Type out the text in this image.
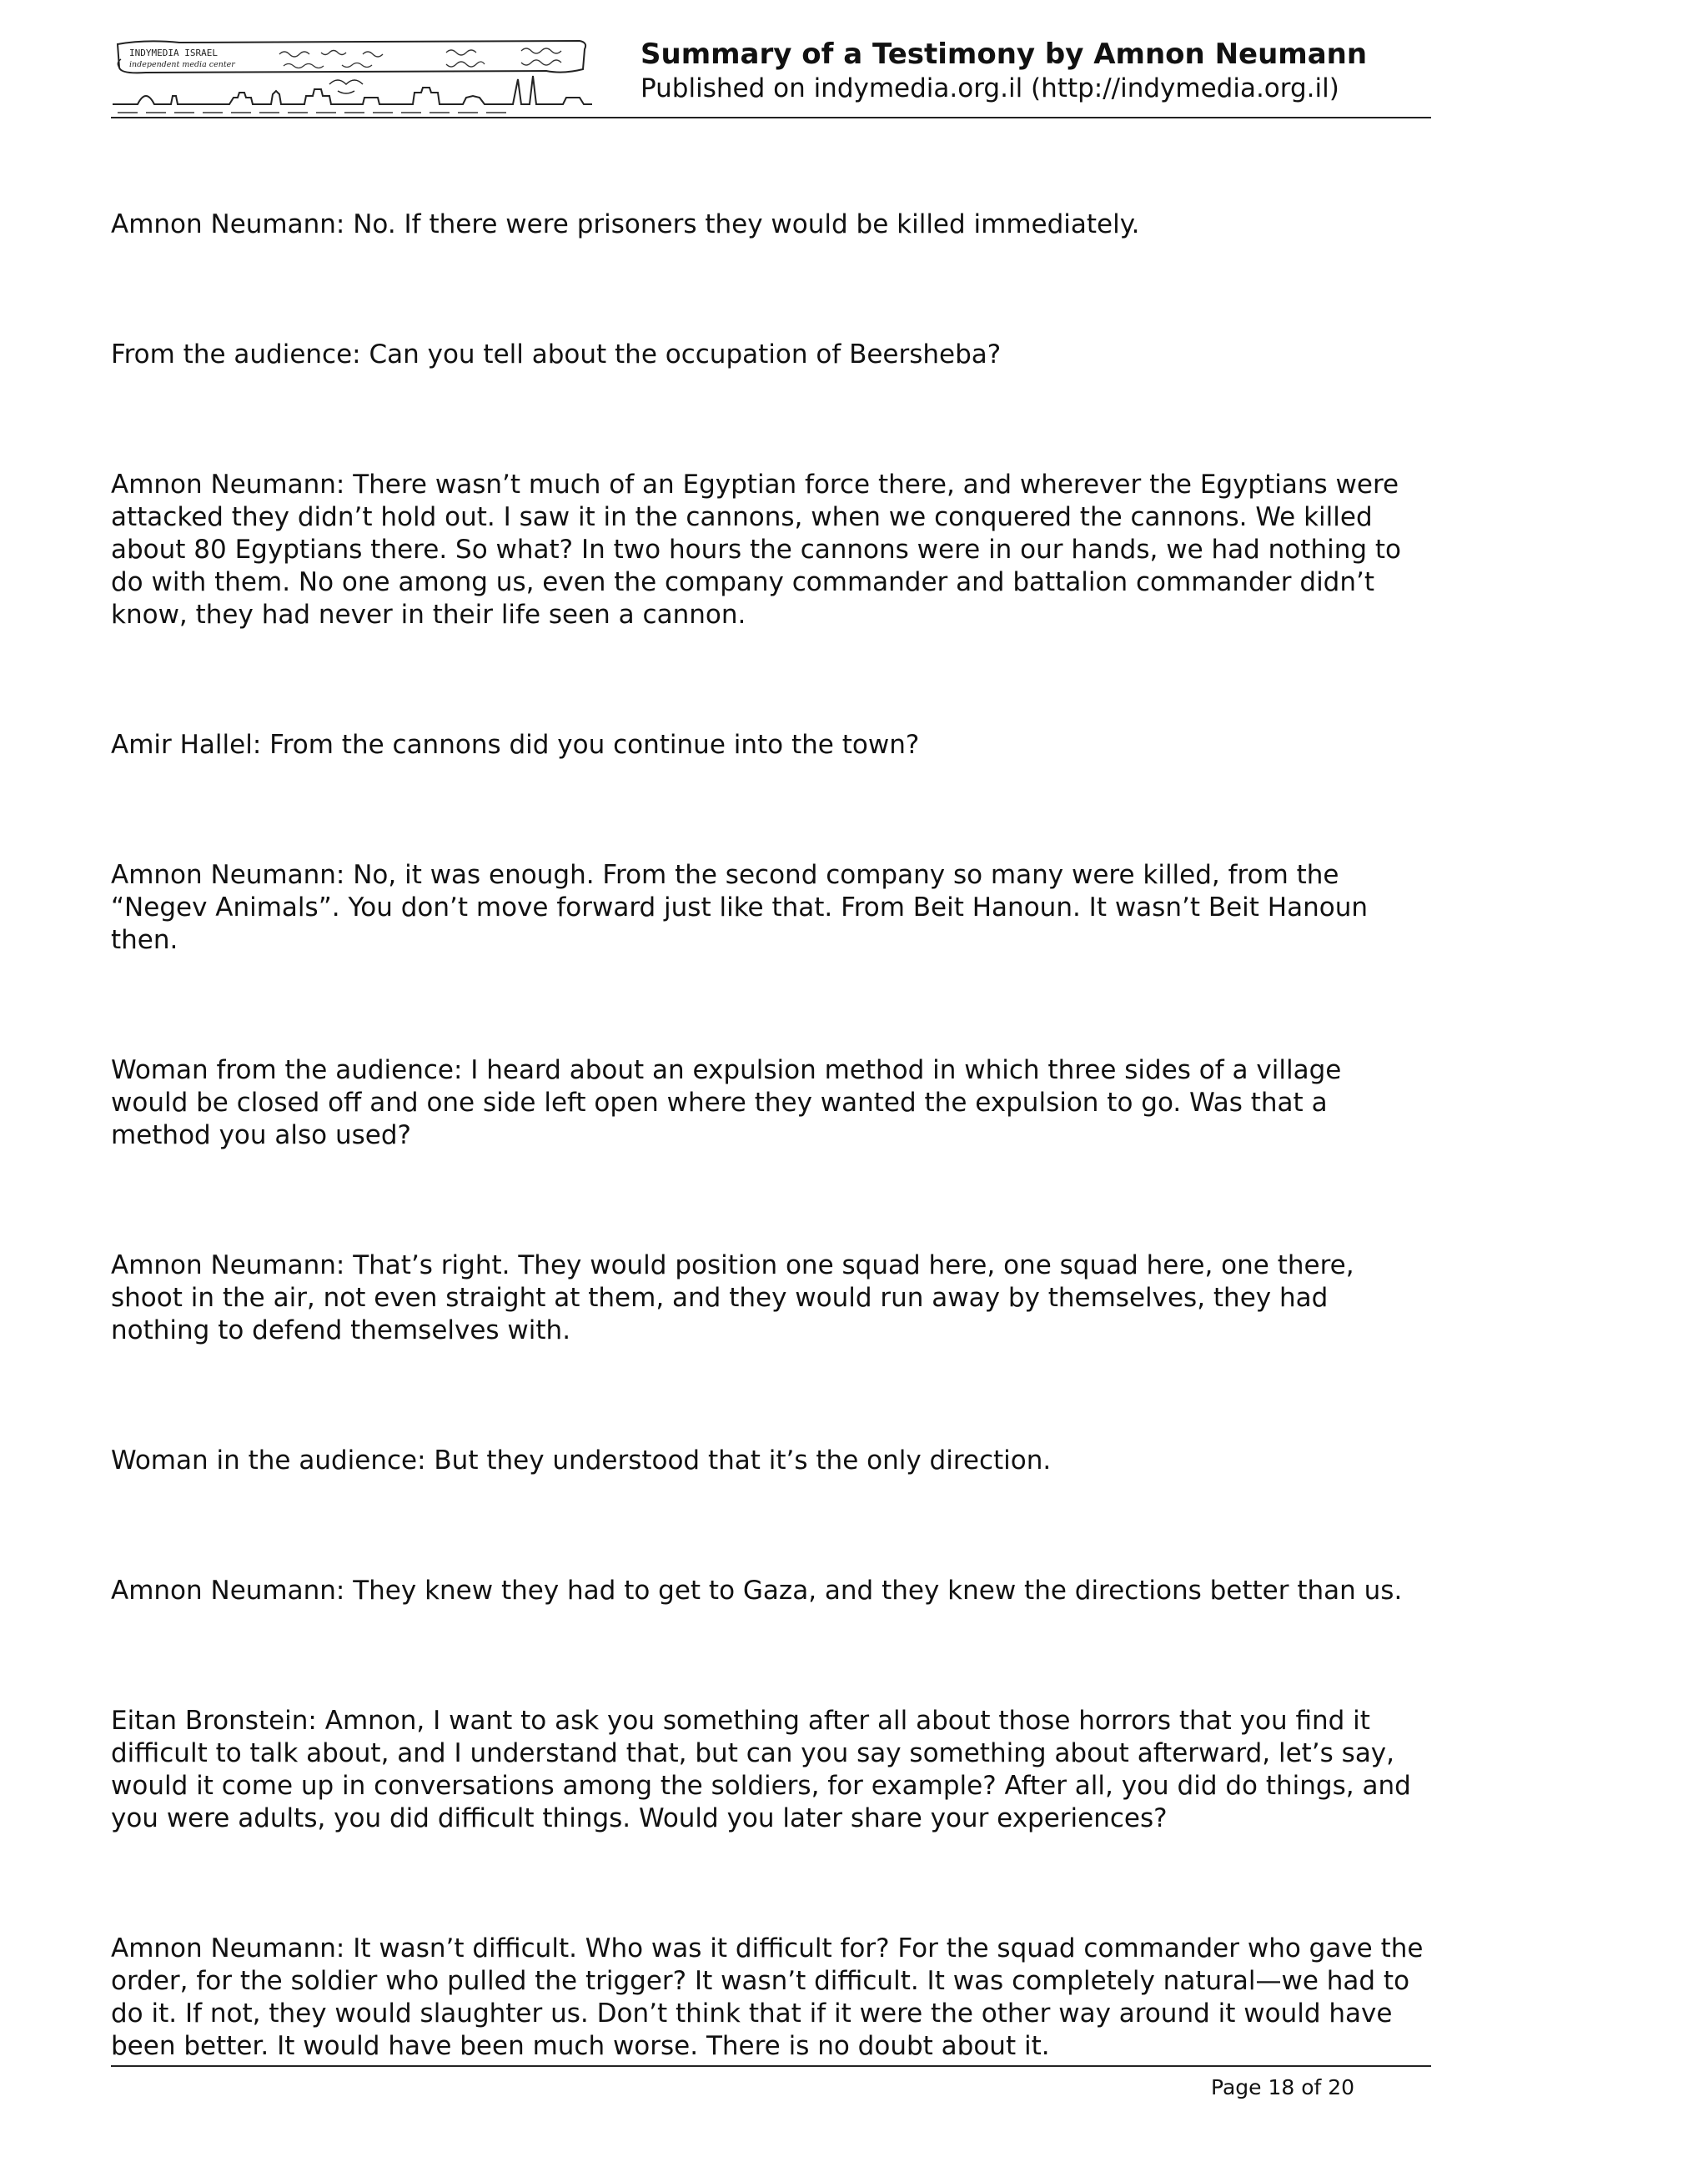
INDYMEDIA ISRAEL
independent media center	Summary of a Testimony by Amnon Neumann
Published on indymedia.org.il (http://indymedia.org.il)

Amnon Neumann: No. If there were prisoners they would be killed immediately.

From the audience: Can you tell about the occupation of Beersheba?

Amnon Neumann: There wasn’t much of an Egyptian force there, and wherever the Egyptians were
attacked they didn’t hold out. I saw it in the cannons, when we conquered the cannons. We killed
about 80 Egyptians there. So what? In two hours the cannons were in our hands, we had nothing to
do with them. No one among us, even the company commander and battalion commander didn’t
know, they had never in their life seen a cannon.

Amir Hallel: From the cannons did you continue into the town?

Amnon Neumann: No, it was enough. From the second company so many were killed, from the
“Negev Animals”. You don’t move forward just like that. From Beit Hanoun. It wasn’t Beit Hanoun
then.

Woman from the audience: I heard about an expulsion method in which three sides of a village
would be closed off and one side left open where they wanted the expulsion to go. Was that a
method you also used?

Amnon Neumann: That’s right. They would position one squad here, one squad here, one there,
shoot in the air, not even straight at them, and they would run away by themselves, they had
nothing to defend themselves with.

Woman in the audience: But they understood that it’s the only direction.

Amnon Neumann: They knew they had to get to Gaza, and they knew the directions better than us.

Eitan Bronstein: Amnon, I want to ask you something after all about those horrors that you find it
difficult to talk about, and I understand that, but can you say something about afterward, let’s say,
would it come up in conversations among the soldiers, for example? After all, you did do things, and
you were adults, you did difficult things. Would you later share your experiences?

Amnon Neumann: It wasn’t difficult. Who was it difficult for? For the squad commander who gave the
order, for the soldier who pulled the trigger? It wasn’t difficult. It was completely natural—we had to
do it. If not, they would slaughter us. Don’t think that if it were the other way around it would have
been better. It would have been much worse. There is no doubt about it.

Page 18 of 20
